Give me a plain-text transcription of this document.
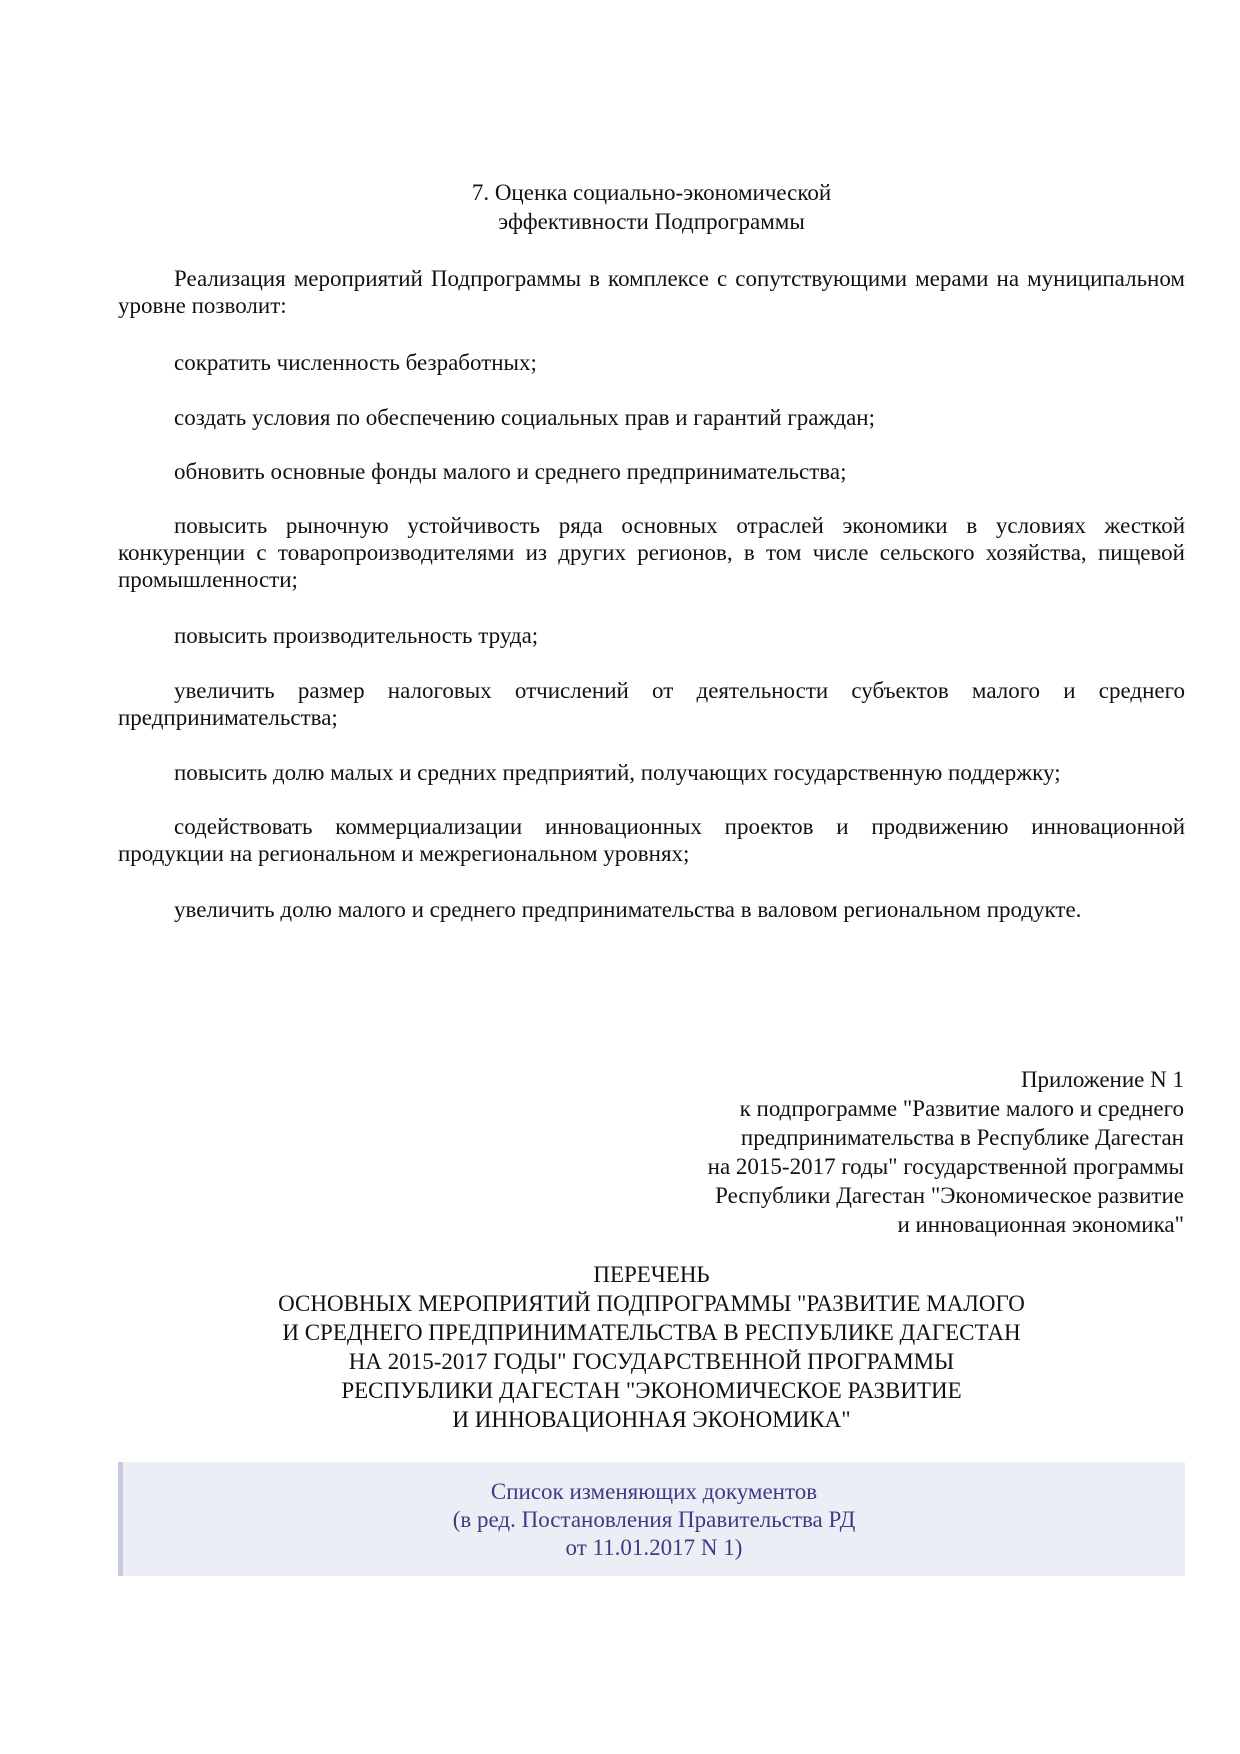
7. Оценка социально-экономической
эффективности Подпрограммы

Реализация мероприятий Подпрограммы в комплексе с сопутствующими мерами на муниципальном уровне позволит:

сократить численность безработных;

создать условия по обеспечению социальных прав и гарантий граждан;

обновить основные фонды малого и среднего предпринимательства;

повысить рыночную устойчивость ряда основных отраслей экономики в условиях жесткой конкуренции с товаропроизводителями из других регионов, в том числе сельского хозяйства, пищевой промышленности;

повысить производительность труда;

увеличить размер налоговых отчислений от деятельности субъектов малого и среднего предпринимательства;

повысить долю малых и средних предприятий, получающих государственную поддержку;

содействовать коммерциализации инновационных проектов и продвижению инновационной продукции на региональном и межрегиональном уровнях;

увеличить долю малого и среднего предпринимательства в валовом региональном продукте.

Приложение N 1
к подпрограмме "Развитие малого и среднего
предпринимательства в Республике Дагестан
на 2015-2017 годы" государственной программы
Республики Дагестан "Экономическое развитие
и инновационная экономика"
ПЕРЕЧЕНЬ
ОСНОВНЫХ МЕРОПРИЯТИЙ ПОДПРОГРАММЫ "РАЗВИТИЕ МАЛОГО
И СРЕДНЕГО ПРЕДПРИНИМАТЕЛЬСТВА В РЕСПУБЛИКЕ ДАГЕСТАН
НА 2015-2017 ГОДЫ" ГОСУДАРСТВЕННОЙ ПРОГРАММЫ
РЕСПУБЛИКИ ДАГЕСТАН "ЭКОНОМИЧЕСКОЕ РАЗВИТИЕ
И ИННОВАЦИОННАЯ ЭКОНОМИКА"
Список изменяющих документов
(в ред. Постановления Правительства РД
от 11.01.2017 N 1)
